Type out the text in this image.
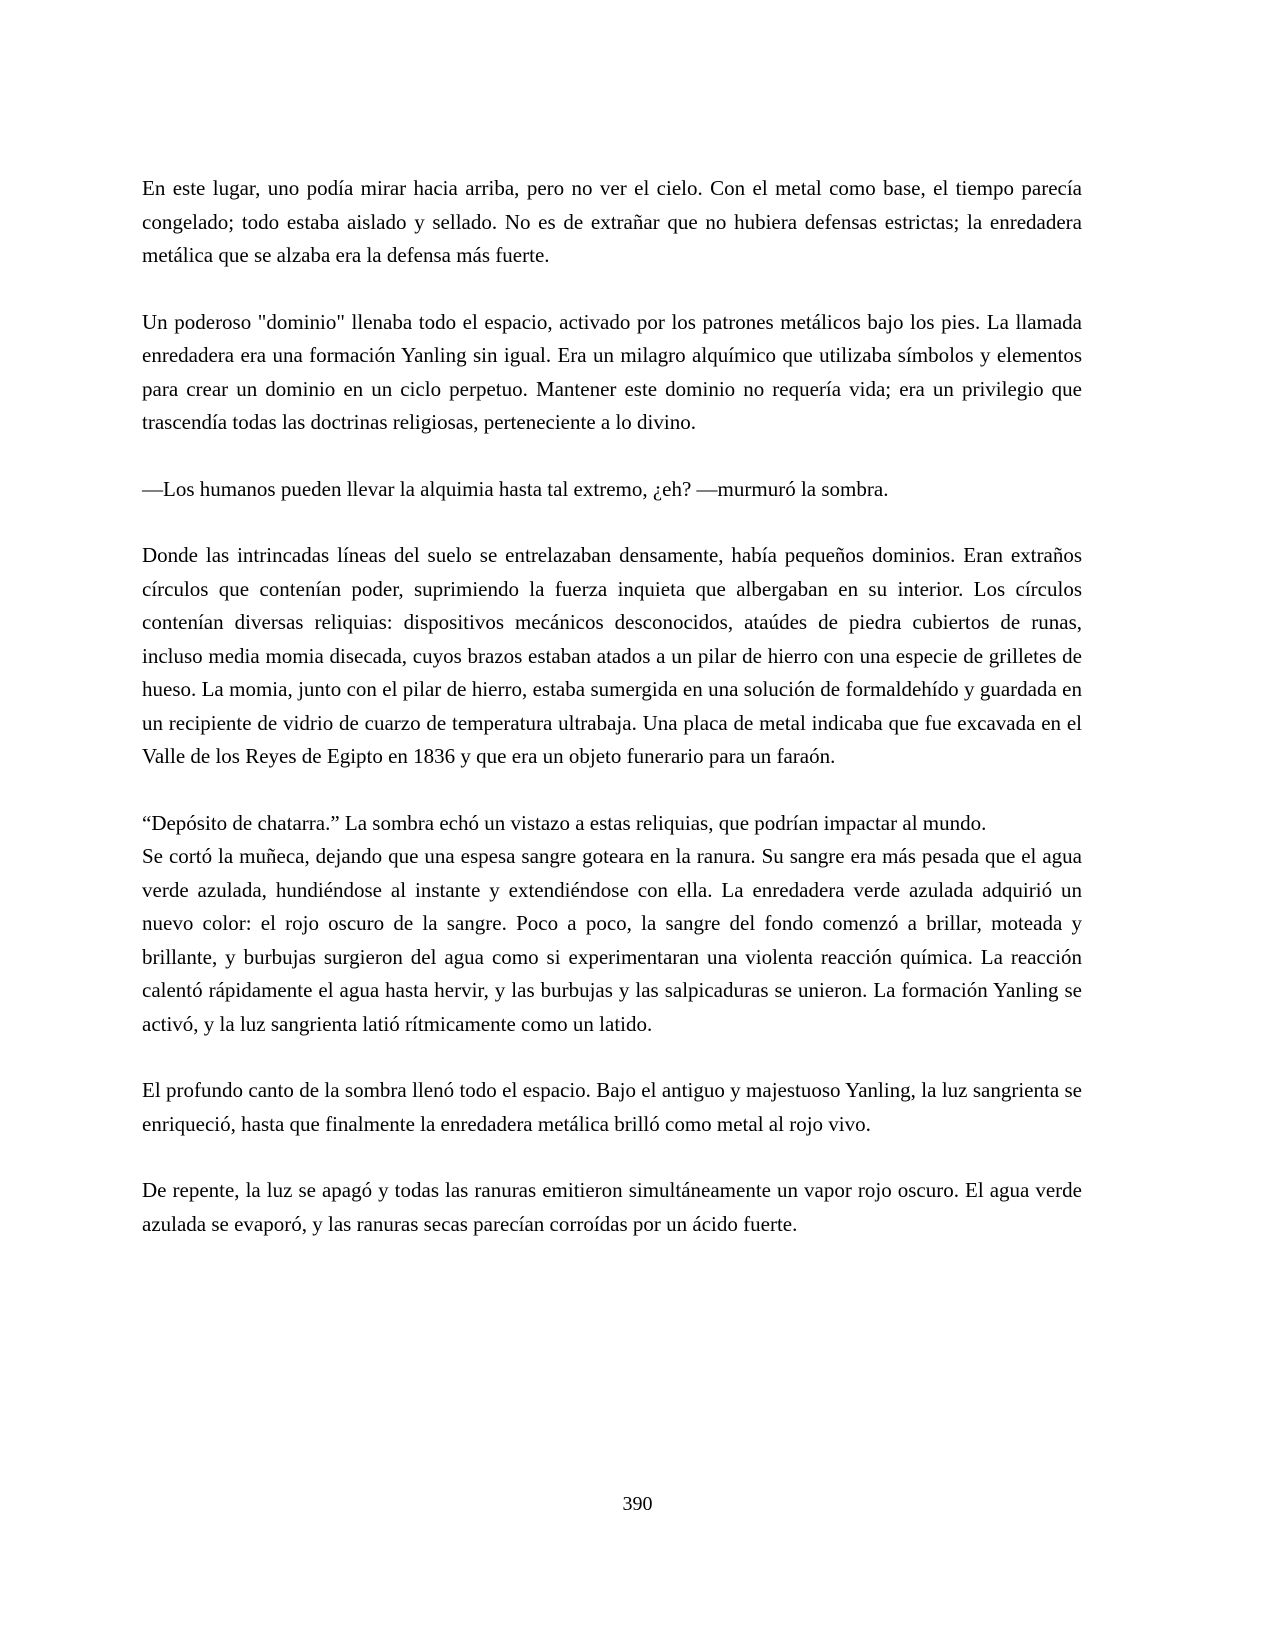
En este lugar, uno podía mirar hacia arriba, pero no ver el cielo. Con el metal como base, el tiempo parecía congelado; todo estaba aislado y sellado. No es de extrañar que no hubiera defensas estrictas; la enredadera metálica que se alzaba era la defensa más fuerte.

Un poderoso "dominio" llenaba todo el espacio, activado por los patrones metálicos bajo los pies. La llamada enredadera era una formación Yanling sin igual. Era un milagro alquímico que utilizaba símbolos y elementos para crear un dominio en un ciclo perpetuo. Mantener este dominio no requería vida; era un privilegio que trascendía todas las doctrinas religiosas, perteneciente a lo divino.

—Los humanos pueden llevar la alquimia hasta tal extremo, ¿eh? —murmuró la sombra.

Donde las intrincadas líneas del suelo se entrelazaban densamente, había pequeños dominios. Eran extraños círculos que contenían poder, suprimiendo la fuerza inquieta que albergaban en su interior. Los círculos contenían diversas reliquias: dispositivos mecánicos desconocidos, ataúdes de piedra cubiertos de runas, incluso media momia disecada, cuyos brazos estaban atados a un pilar de hierro con una especie de grilletes de hueso. La momia, junto con el pilar de hierro, estaba sumergida en una solución de formaldehído y guardada en un recipiente de vidrio de cuarzo de temperatura ultrabaja. Una placa de metal indicaba que fue excavada en el Valle de los Reyes de Egipto en 1836 y que era un objeto funerario para un faraón.

“Depósito de chatarra.” La sombra echó un vistazo a estas reliquias, que podrían impactar al mundo.

Se cortó la muñeca, dejando que una espesa sangre goteara en la ranura. Su sangre era más pesada que el agua verde azulada, hundiéndose al instante y extendiéndose con ella. La enredadera verde azulada adquirió un nuevo color: el rojo oscuro de la sangre. Poco a poco, la sangre del fondo comenzó a brillar, moteada y brillante, y burbujas surgieron del agua como si experimentaran una violenta reacción química. La reacción calentó rápidamente el agua hasta hervir, y las burbujas y las salpicaduras se unieron. La formación Yanling se activó, y la luz sangrienta latió rítmicamente como un latido.

El profundo canto de la sombra llenó todo el espacio. Bajo el antiguo y majestuoso Yanling, la luz sangrienta se enriqueció, hasta que finalmente la enredadera metálica brilló como metal al rojo vivo.

De repente, la luz se apagó y todas las ranuras emitieron simultáneamente un vapor rojo oscuro. El agua verde azulada se evaporó, y las ranuras secas parecían corroídas por un ácido fuerte.

390
